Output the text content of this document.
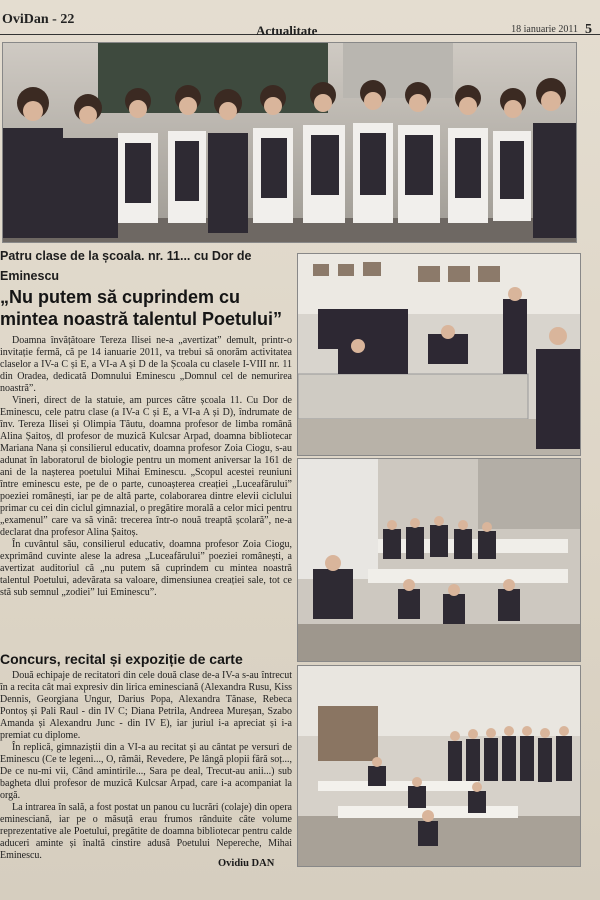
OviDan - 22
Actualitate	18 ianuarie 2011 5
Patru clase de la școala. nr. 11... cu Dor de Eminescu
„Nu putem să cuprindem cu mintea noastră talentul Poetului”

Doamna învățătoare Tereza Ilisei ne-a „avertizat” demult, printr-o invitație fermă, că pe 14 ianuarie 2011, va trebui să onorăm activitatea claselor a IV-a C și E, a VI-a A și D de la Școala cu clasele I-VIII nr. 11 din Oradea, dedicată Domnului Eminescu „Domnul cel de nemurirea noastră”.

Vineri, direct de la statuie, am purces către școala 11. Cu Dor de Eminescu, cele patru clase (a IV-a C și E, a VI-a A și D), îndrumate de înv. Tereza Ilisei și Olimpia Tăutu, doamna profesor de limba română Alina Șaitoș, dl profesor de muzică Kulcsar Arpad, doamna bibliotecar Mariana Nana și consilierul educativ, doamna profesor Zoia Ciogu, s-au adunat în laboratorul de biologie pentru un moment aniversar la 161 de ani de la nașterea poetului Mihai Eminescu. „Scopul acestei reuniuni între eminescu este, pe de o parte, cunoașterea creației „Luceafărului” poeziei românești, iar pe de altă parte, colaborarea dintre elevii ciclului primar cu cei din ciclul gimnazial, o pregătire morală a celor mici pentru „examenul” care va să vină: trecerea într-o nouă treaptă școlară”, ne-a declarat dna profesor Alina Șaitoș.

În cuvântul său, consilierul educativ, doamna profesor Zoia Ciogu, exprimând cuvinte alese la adresa „Luceafărului” poeziei românești, a avertizat auditoriul că „nu putem să cuprindem cu mintea noastră talentul Poetului, adevărata sa valoare, dimensiunea creației sale, tot ce stă sub semnul „zodiei” lui Eminescu”.

Concurs, recital și expoziție de carte

Două echipaje de recitatori din cele două clase de-a IV-a s-au întrecut în a recita cât mai expresiv din lirica eminesciană (Alexandra Rusu, Kiss Dennis, Georgiana Ungur, Darius Popa, Alexandra Tănase, Rebeca Pontoș și Pali Raul - din IV C; Diana Petrila, Andreea Mureșan, Szabo Amanda și Alexandru Junc - din IV E), iar juriul i-a apreciat și i-a premiat cu diplome.

În replică, gimnaziștii din a VI-a au recitat și au cântat pe versuri de Eminescu (Ce te legeni..., O, rămâi, Revedere, Pe lângă plopii fără soț..., De ce nu-mi vii, Când amintirile..., Sara pe deal, Trecut-au anii...) sub bagheta dlui profesor de muzică Kulcsar Arpad, care i-a acompaniat la orgă.

La intrarea în sală, a fost postat un panou cu lucrări (colaje) din opera eminesciană, iar pe o măsuță erau frumos rânduite câte volume reprezentative ale Poetului, pregătite de doamna bibliotecar pentru calde aduceri aminte și înaltă cinstire adusă Poetului Nepereche, Mihai Eminescu.

Ovidiu DAN
